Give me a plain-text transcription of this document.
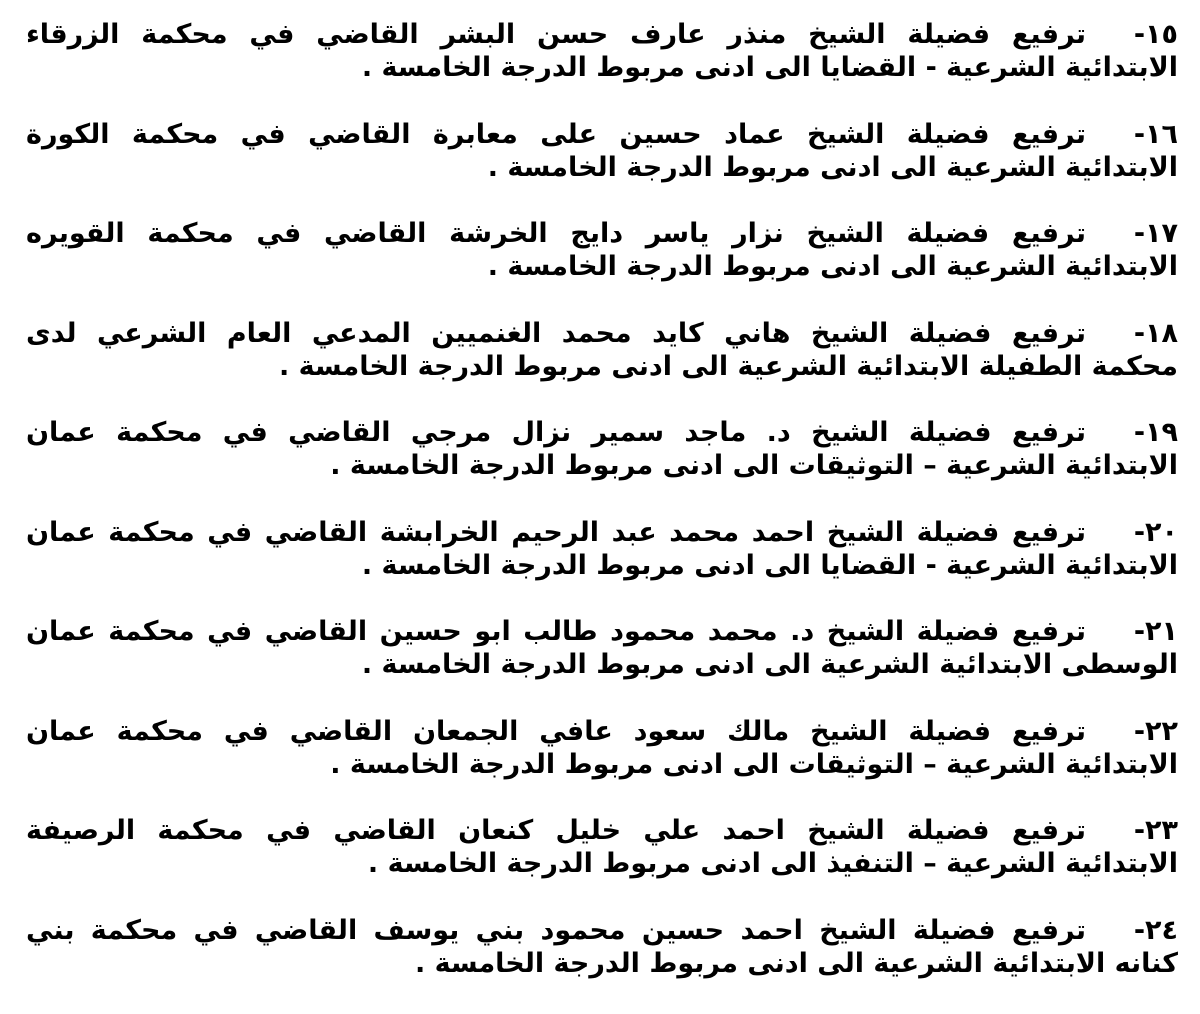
١٥-
ترفيع فضيلة الشيخ منذر عارف حسن البشر القاضي في محكمة الزرقاء
الابتدائية الشرعية - القضايا الى ادنى مربوط الدرجة الخامسة .
١٦-
ترفيع فضيلة الشيخ عماد حسين على معابرة القاضي في محكمة الكورة
الابتدائية الشرعية الى ادنى مربوط الدرجة الخامسة .
١٧-
ترفيع فضيلة الشيخ نزار ياسر دايج الخرشة القاضي في محكمة القويره
الابتدائية الشرعية الى ادنى مربوط الدرجة الخامسة .
١٨-
ترفيع فضيلة الشيخ هاني كايد محمد الغنميين المدعي العام الشرعي لدى
محكمة الطفيلة الابتدائية الشرعية الى ادنى مربوط الدرجة الخامسة .
١٩-
ترفيع فضيلة الشيخ د. ماجد سمير نزال مرجي القاضي في محكمة عمان
الابتدائية الشرعية – التوثيقات الى ادنى مربوط الدرجة الخامسة .
٢٠-
ترفيع فضيلة الشيخ احمد محمد عبد الرحيم الخرابشة القاضي في محكمة عمان
الابتدائية الشرعية - القضايا الى ادنى مربوط الدرجة الخامسة .
٢١-
ترفيع فضيلة الشيخ د. محمد محمود طالب ابو حسين القاضي في محكمة عمان
الوسطى الابتدائية الشرعية الى ادنى مربوط الدرجة الخامسة .
٢٢-
ترفيع فضيلة الشيخ مالك سعود عافي الجمعان القاضي في محكمة عمان
الابتدائية الشرعية – التوثيقات الى ادنى مربوط الدرجة الخامسة .
٢٣-
ترفيع فضيلة الشيخ احمد علي خليل كنعان القاضي في محكمة الرصيفة
الابتدائية الشرعية – التنفيذ الى ادنى مربوط الدرجة الخامسة .
٢٤-
ترفيع فضيلة الشيخ احمد حسين محمود بني يوسف القاضي في محكمة بني
كنانه الابتدائية الشرعية الى ادنى مربوط الدرجة الخامسة .
